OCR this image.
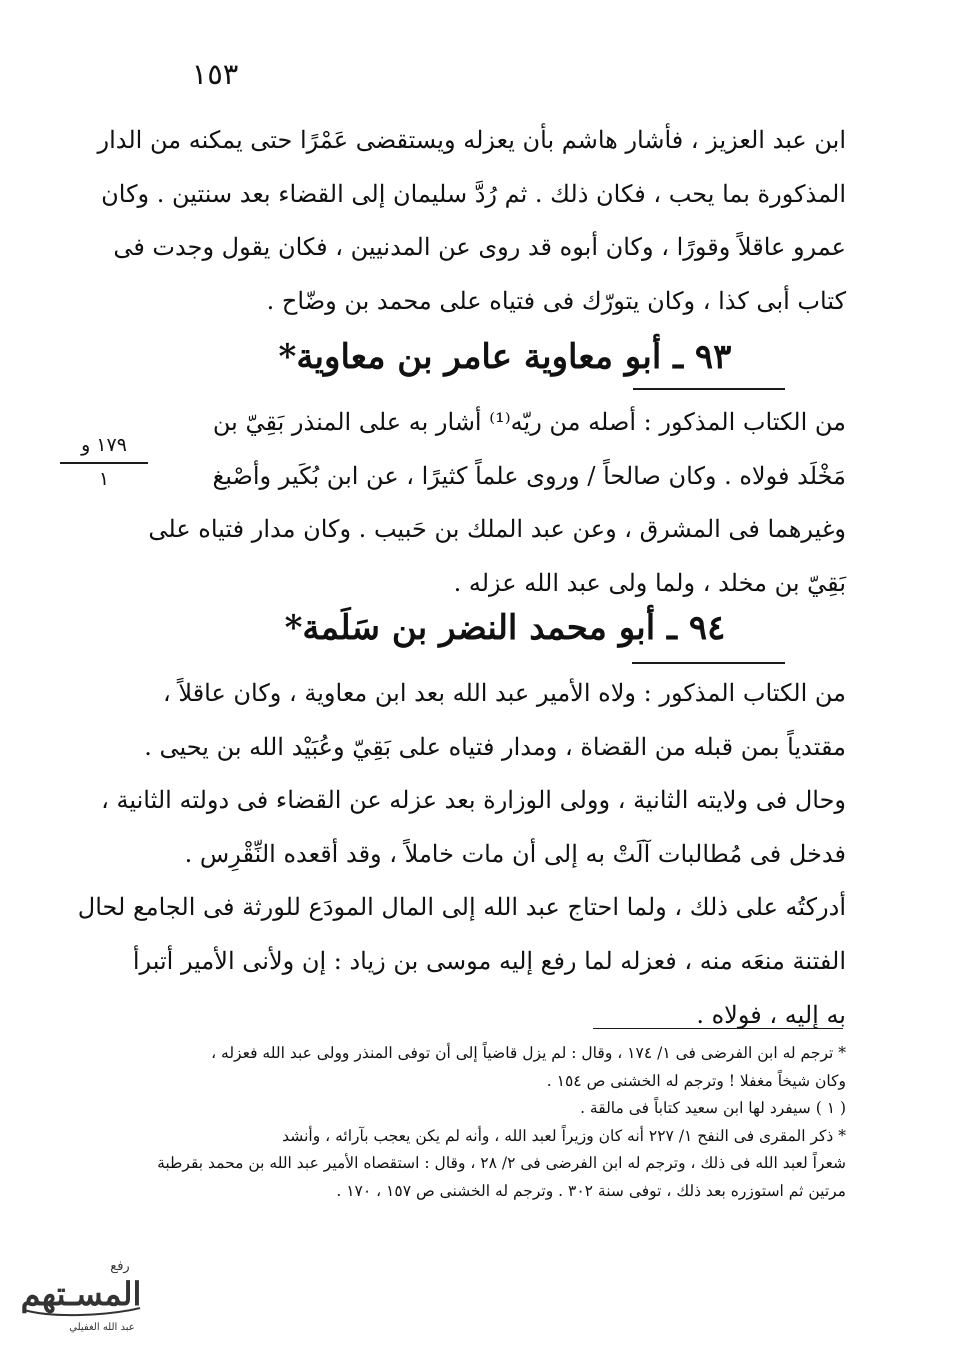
١٥٣
ابن عبد العزيز ، فأشار هاشم بأن يعزله ويستقضى عَمْرًا حتى يمكنه من الدار
المذكورة بما يحب ، فكان ذلك . ثم رُدَّ سليمان إلى القضاء بعد سنتين . وكان
عمرو عاقلاً وقورًا ، وكان أبوه قد روى عن المدنيين ، فكان يقول وجدت فى
كتاب أبى كذا ، وكان يتورّك فى فتياه على محمد بن وضّاح .
٩٣ ـ أبو معاوية عامر بن معاوية*
١٧٩ و
١
من الكتاب المذكور : أصله من ريّه⁽¹⁾ أشار به على المنذر بَقِيّ بن
مَخْلَد فولاه . وكان صالحاً / وروى علماً كثيرًا ، عن ابن بُكَير وأصْبغ
وغيرهما فى المشرق ، وعن عبد الملك بن حَبيب . وكان مدار فتياه على
بَقِيّ بن مخلد ، ولما ولى عبد الله عزله .
٩٤ ـ أبو محمد النضر بن سَلَمة*
من الكتاب المذكور : ولاه الأمير عبد الله بعد ابن معاوية ، وكان عاقلاً ،
مقتدياً بمن قبله من القضاة ، ومدار فتياه على بَقِيّ وعُبَيْد الله بن يحيى .
وحال فى ولايته الثانية ، وولى الوزارة بعد عزله عن القضاء فى دولته الثانية ،
فدخل فى مُطالبات آلَتْ به إلى أن مات خاملاً ، وقد أقعده النِّقْرِس .
أدركتُه على ذلك ، ولما احتاج عبد الله إلى المال المودَع للورثة فى الجامع لحال
الفتنة منعَه منه ، فعزله لما رفع إليه موسى بن زياد : إن ولأنى الأمير أتبرأ
به إليه ، فولاه .
* ترجم له ابن الفرضى فى ١/ ١٧٤ ، وقال : لم يزل قاضياً إلى أن توفى المنذر وولى عبد الله فعزله ،
وكان شيخاً مغفلا ! وترجم له الخشنى ص ١٥٤ .
( ١ ) سيفرد لها ابن سعيد كتاباً فى مالقة .
* ذكر المقرى فى النفح ١/ ٢٢٧ أنه كان وزيراً لعبد الله ، وأنه لم يكن يعجب بآرائه ، وأنشد
شعراً لعبد الله فى ذلك ، وترجم له ابن الفرضى فى ٢/ ٢٨ ، وقال : استقصاه الأمير عبد الله بن محمد بقرطبة
مرتين ثم استوزره بعد ذلك ، توفى سنة ٣٠٢ . وترجم له الخشنى ص ١٥٧ ، ١٧٠ .
رفع
المسـتهم
عبد الله الغفيلي
